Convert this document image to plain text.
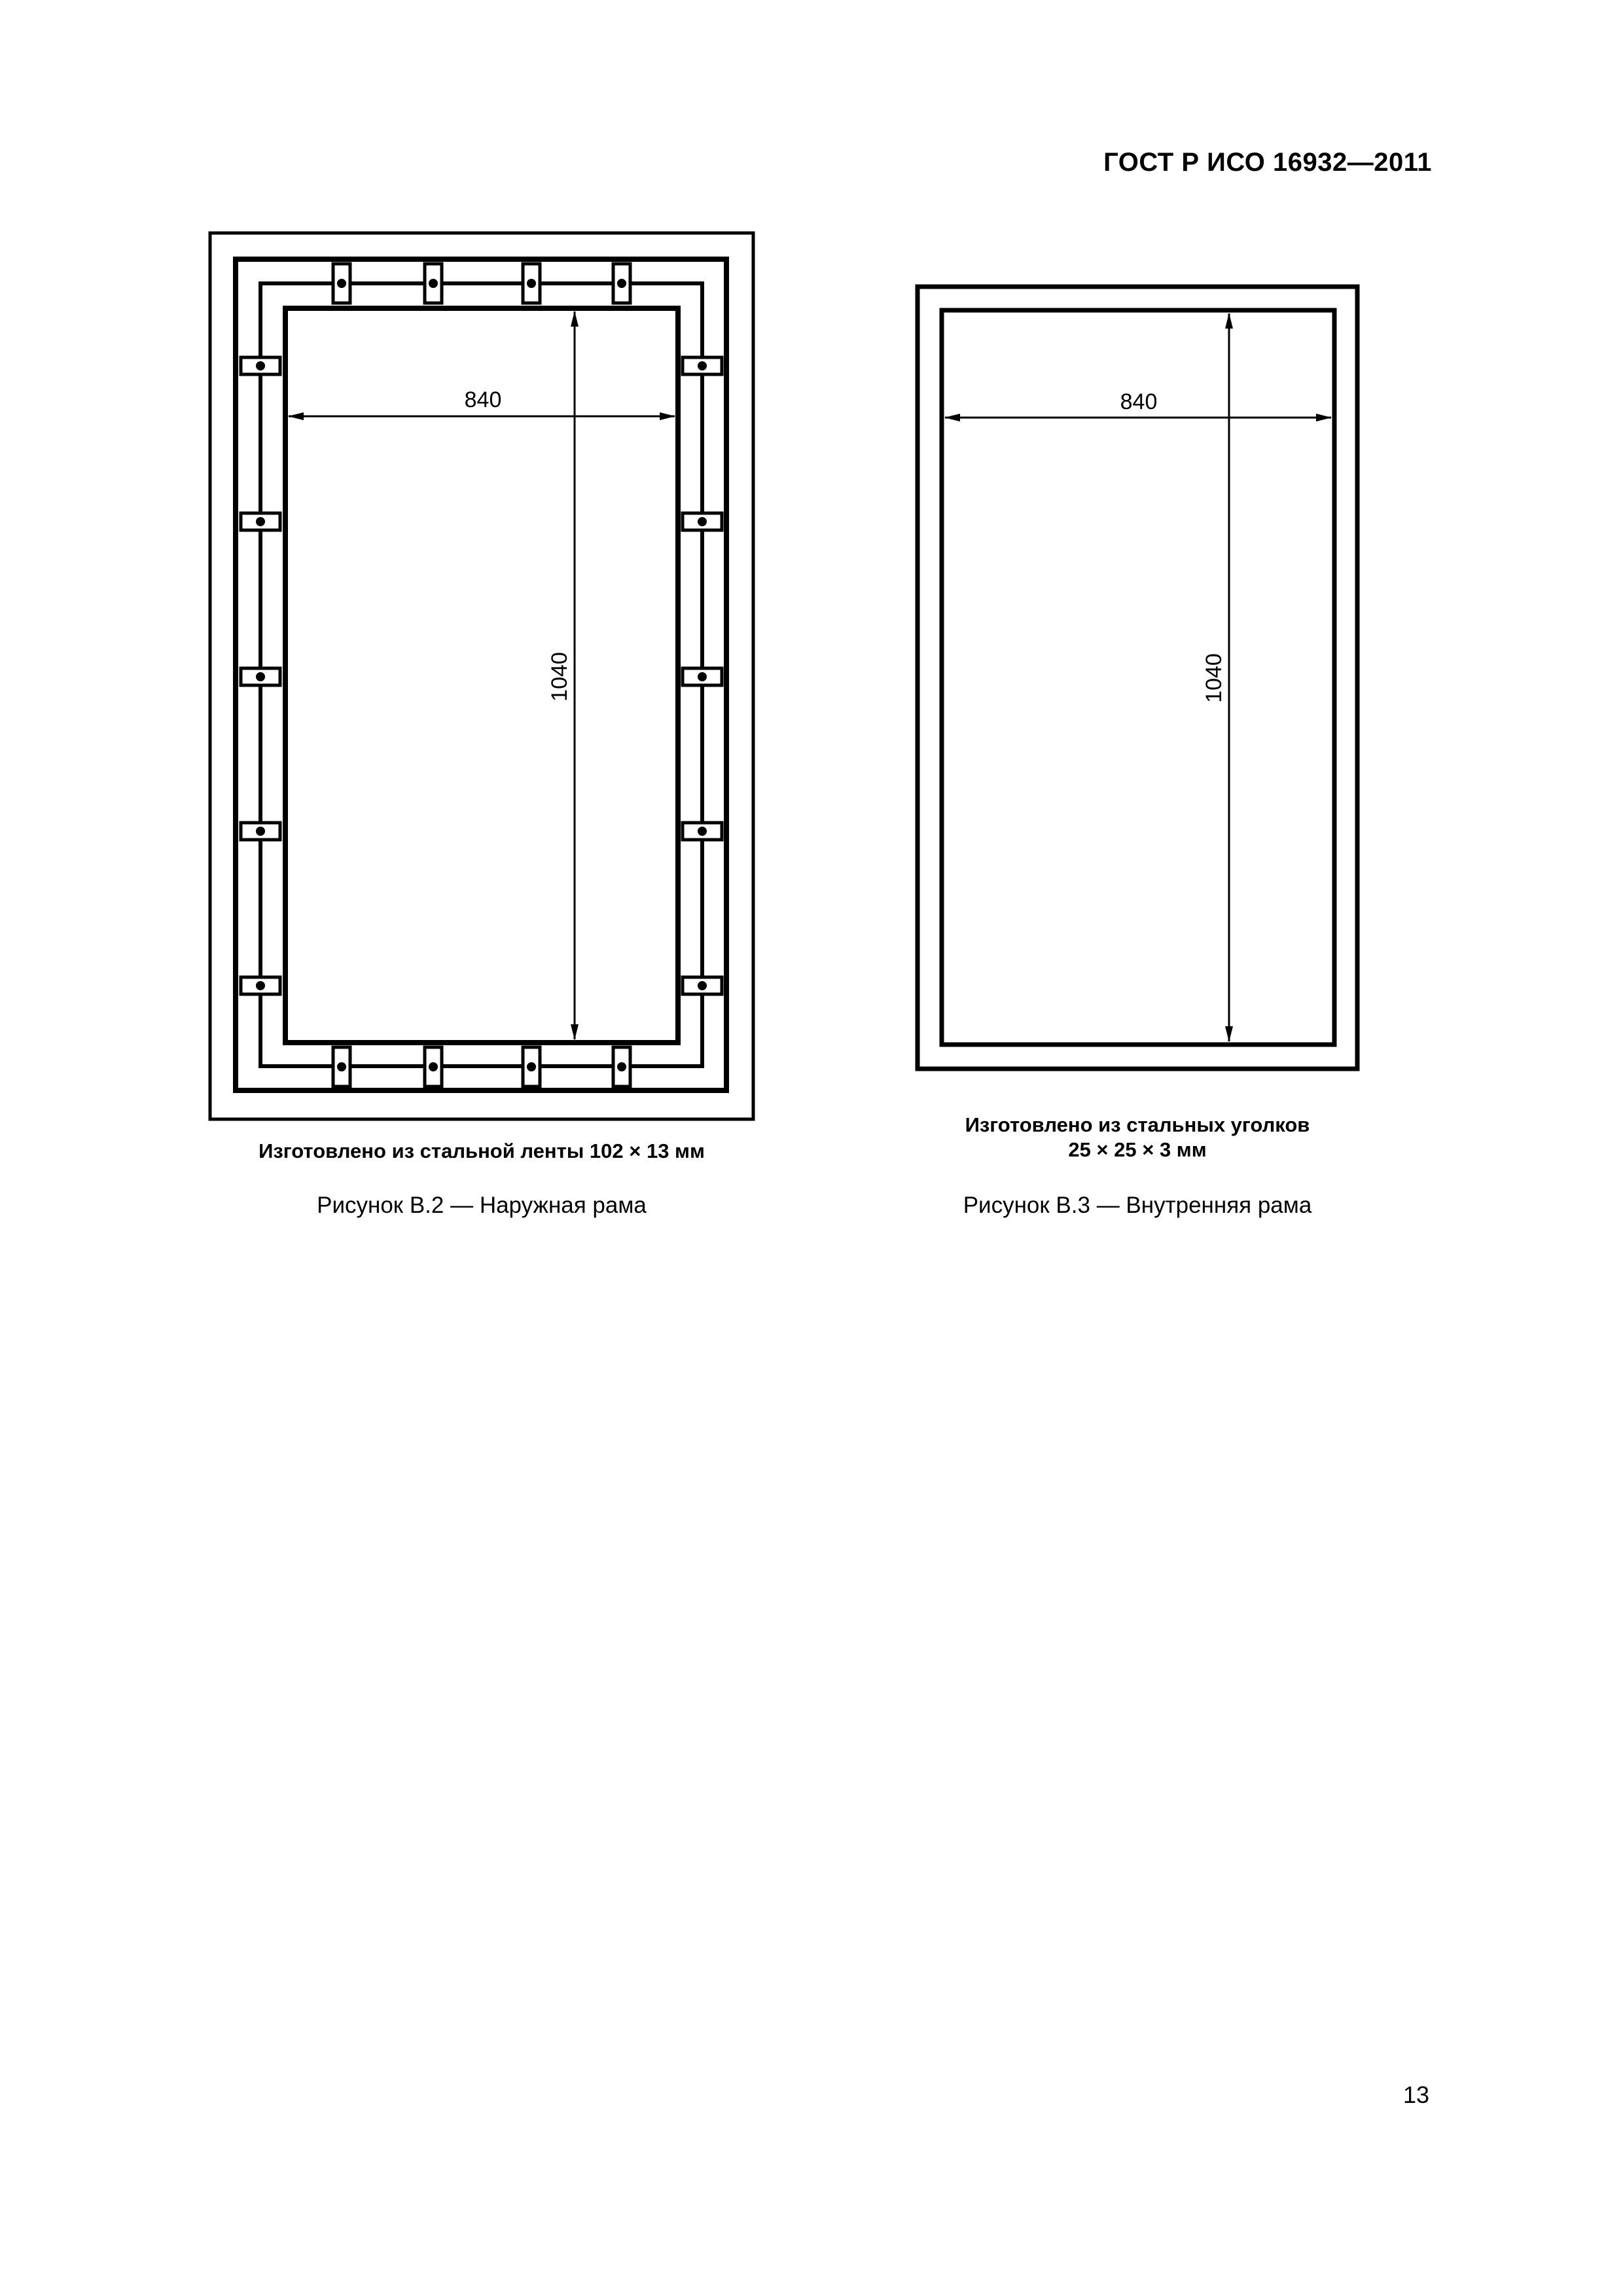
ГОСТ Р ИСО 16932—2011
840
1040
840
1040
Изготовлено из стальной ленты 102 × 13 мм
Рисунок В.2 — Наружная рама
Изготовлено из стальных уголков
25 × 25 × 3 мм
Рисунок В.3 — Внутренняя рама
13
